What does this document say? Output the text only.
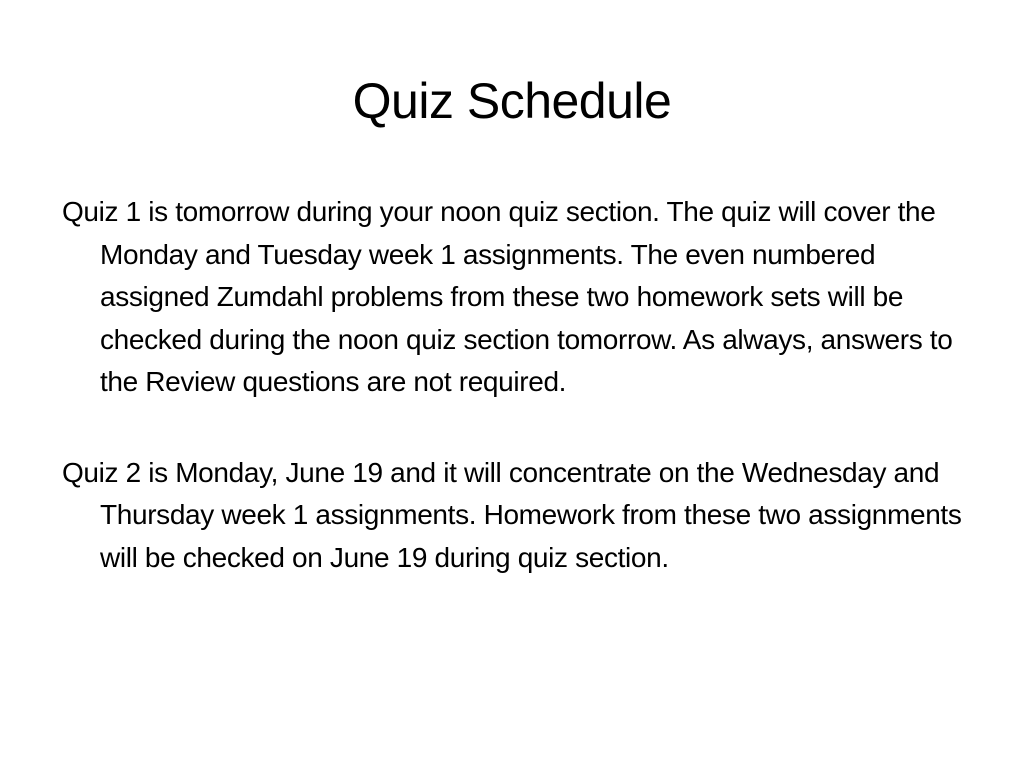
Quiz Schedule
Quiz 1 is tomorrow during your noon quiz section. The quiz will cover the Monday and Tuesday week 1 assignments. The even numbered assigned Zumdahl problems from these two homework sets will be checked during the noon quiz section tomorrow. As always, answers to the Review questions are not required.
Quiz 2 is Monday, June 19 and it will concentrate on the Wednesday and Thursday week 1 assignments. Homework from these two assignments will be checked on June 19 during quiz section.
